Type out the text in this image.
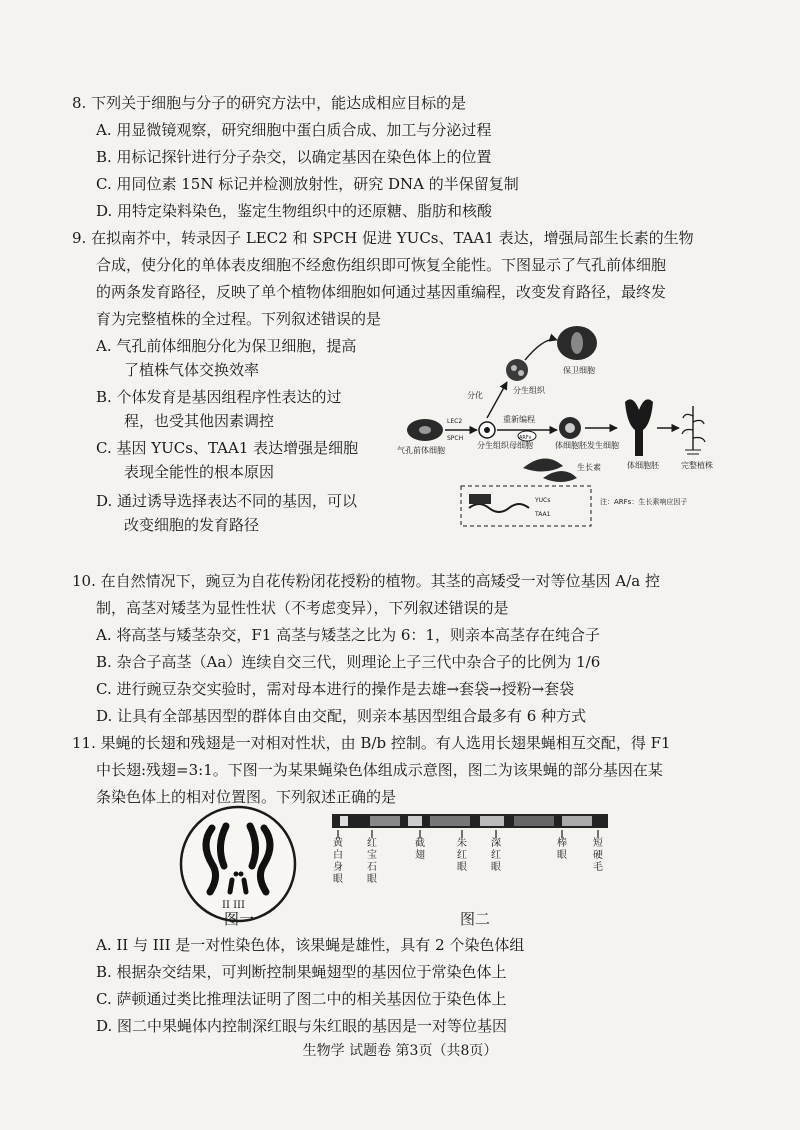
8. 下列关于细胞与分子的研究方法中，能达成相应目标的是
A. 用显微镜观察，研究细胞中蛋白质合成、加工与分泌过程
B. 用标记探针进行分子杂交，以确定基因在染色体上的位置
C. 用同位素 15N 标记并检测放射性，研究 DNA 的半保留复制
D. 用特定染料染色，鉴定生物组织中的还原糖、脂肪和核酸
9. 在拟南芥中，转录因子 LEC2 和 SPCH 促进 YUCs、TAA1 表达，增强局部生长素的生物
合成，使分化的单体表皮细胞不经愈伤组织即可恢复全能性。下图显示了气孔前体细胞
的两条发育路径，反映了单个植物体细胞如何通过基因重编程，改变发育路径，最终发
育为完整植株的全过程。下列叙述错误的是
A. 气孔前体细胞分化为保卫细胞，提高
了植株气体交换效率
B. 个体发育是基因组程序性表达的过
程，也受其他因素调控
C. 基因 YUCs、TAA1 表达增强是细胞
表现全能性的根本原因
D. 通过诱导选择表达不同的基因，可以
改变细胞的发育路径
保卫细胞
分生组织
分化
气孔前体细胞
LEC2
SPCH
分生组织母细胞
重新编程
ARFs
体细胞胚发生细胞
体细胞胚	完整植株
生长素
YUCs
TAA1
注：ARFs：生长素响应因子
10. 在自然情况下，豌豆为自花传粉闭花授粉的植物。其茎的高矮受一对等位基因 A/a 控
制，高茎对矮茎为显性性状（不考虑变异），下列叙述错误的是
A. 将高茎与矮茎杂交，F1 高茎与矮茎之比为 6：1，则亲本高茎存在纯合子
B. 杂合子高茎（Aa）连续自交三代，则理论上子三代中杂合子的比例为 1/6
C. 进行豌豆杂交实验时，需对母本进行的操作是去雄→套袋→授粉→套袋
D. 让具有全部基因型的群体自由交配，则亲本基因型组合最多有 6 种方式
11. 果蝇的长翅和残翅是一对相对性状，由 B/b 控制。有人选用长翅果蝇相互交配，得 F1
中长翅:残翅=3:1。下图一为某果蝇染色体组成示意图，图二为该果蝇的部分基因在某
条染色体上的相对位置图。下列叙述正确的是
II III
图一
黄白身眼
红宝石眼
截翅
朱红眼
深红眼
棒眼
短硬毛
图二
A. II 与 III 是一对性染色体，该果蝇是雄性，具有 2 个染色体组
B. 根据杂交结果，可判断控制果蝇翅型的基因位于常染色体上
C. 萨顿通过类比推理法证明了图二中的相关基因位于染色体上
D. 图二中果蝇体内控制深红眼与朱红眼的基因是一对等位基因
生物学 试题卷 第3页（共8页）
